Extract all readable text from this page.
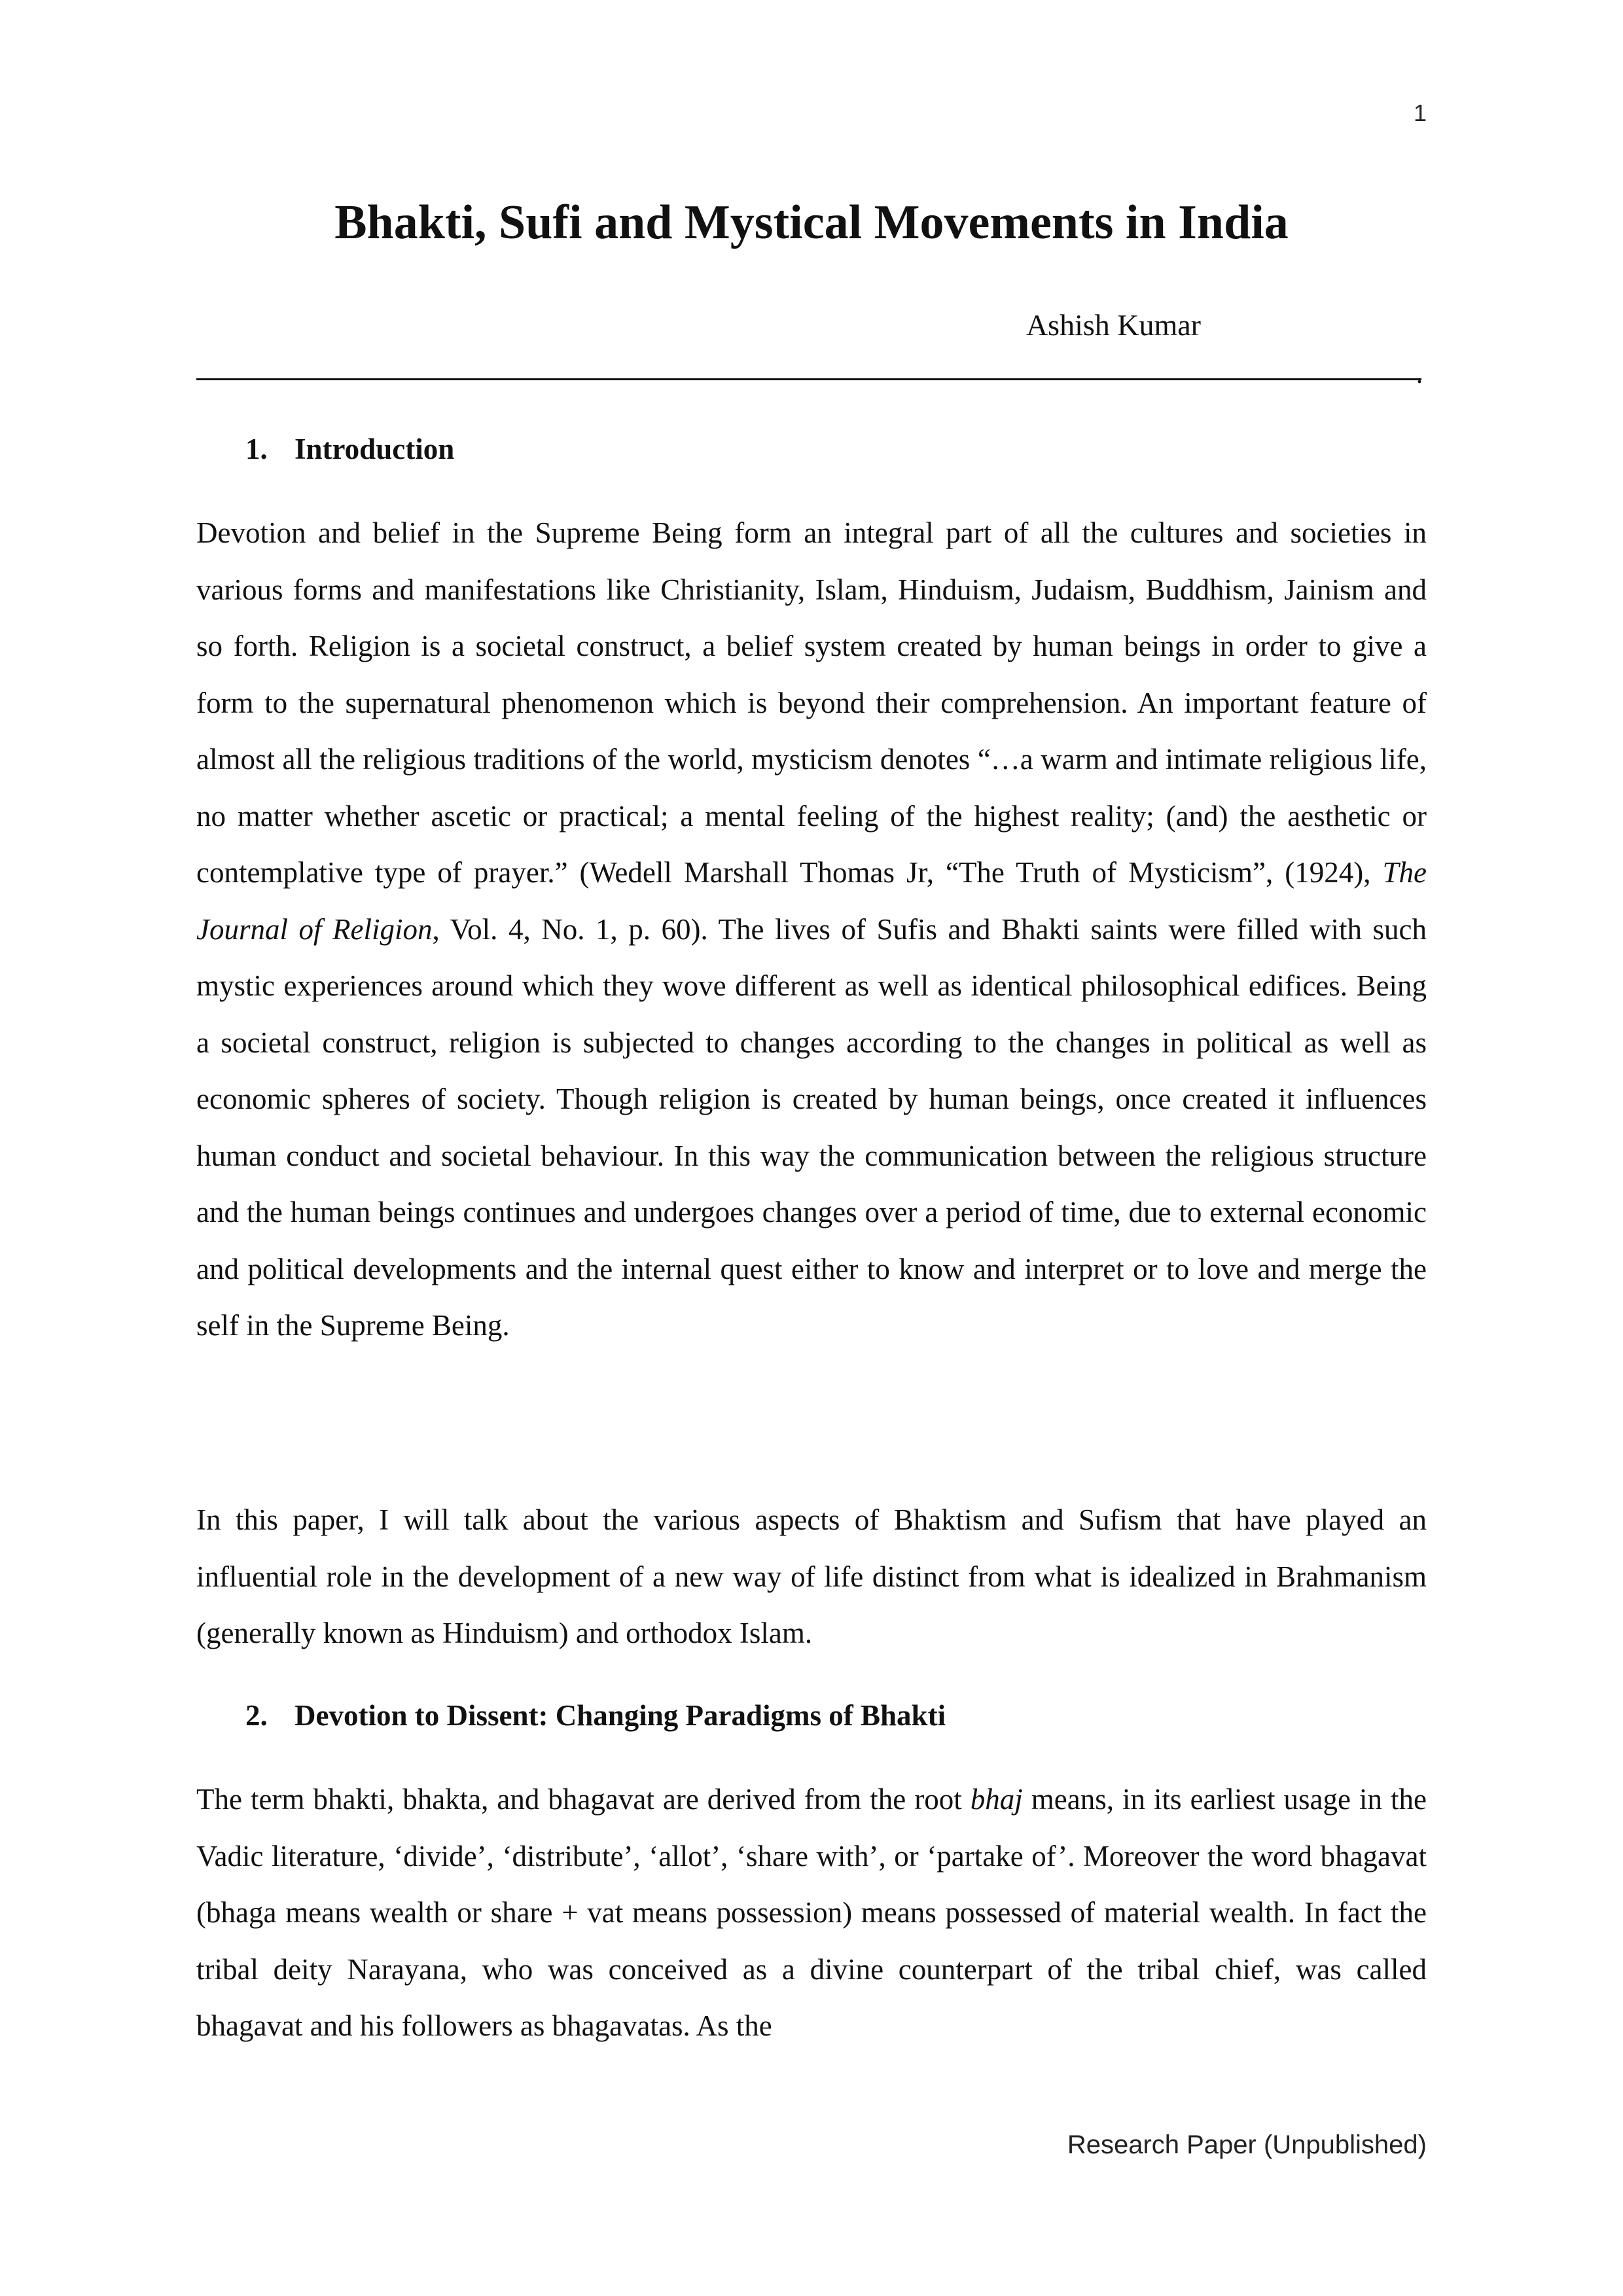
1
Bhakti, Sufi and Mystical Movements in India
Ashish Kumar
.
1. Introduction

Devotion and belief in the Supreme Being form an integral part of all the cultures and societies in various forms and manifestations like Christianity, Islam, Hinduism, Judaism, Buddhism, Jainism and so forth. Religion is a societal construct, a belief system created by human beings in order to give a form to the supernatural phenomenon which is beyond their comprehension. An important feature of almost all the religious traditions of the world, mysticism denotes “…a warm and intimate religious life, no matter whether ascetic or practical; a mental feeling of the highest reality; (and) the aesthetic or contemplative type of prayer.” (Wedell Marshall Thomas Jr, “The Truth of Mysticism”, (1924), The Journal of Religion, Vol. 4, No. 1, p. 60). The lives of Sufis and Bhakti saints were filled with such mystic experiences around which they wove different as well as identical philosophical edifices. Being a societal construct, religion is subjected to changes according to the changes in political as well as economic spheres of society. Though religion is created by human beings, once created it influences human conduct and societal behaviour. In this way the communication between the religious structure and the human beings continues and undergoes changes over a period of time, due to external economic and political developments and the internal quest either to know and interpret or to love and merge the self in the Supreme Being.

In this paper, I will talk about the various aspects of Bhaktism and Sufism that have played an influential role in the development of a new way of life distinct from what is idealized in Brahmanism (generally known as Hinduism) and orthodox Islam.

2. Devotion to Dissent: Changing Paradigms of Bhakti

The term bhakti, bhakta, and bhagavat are derived from the root bhaj means, in its earliest usage in the Vadic literature, ‘divide’, ‘distribute’, ‘allot’, ‘share with’, or ‘partake of’. Moreover the word bhagavat (bhaga means wealth or share + vat means possession) means possessed of material wealth. In fact the tribal deity Narayana, who was conceived as a divine counterpart of the tribal chief, was called bhagavat and his followers as bhagavatas. As the

Research Paper (Unpublished)
